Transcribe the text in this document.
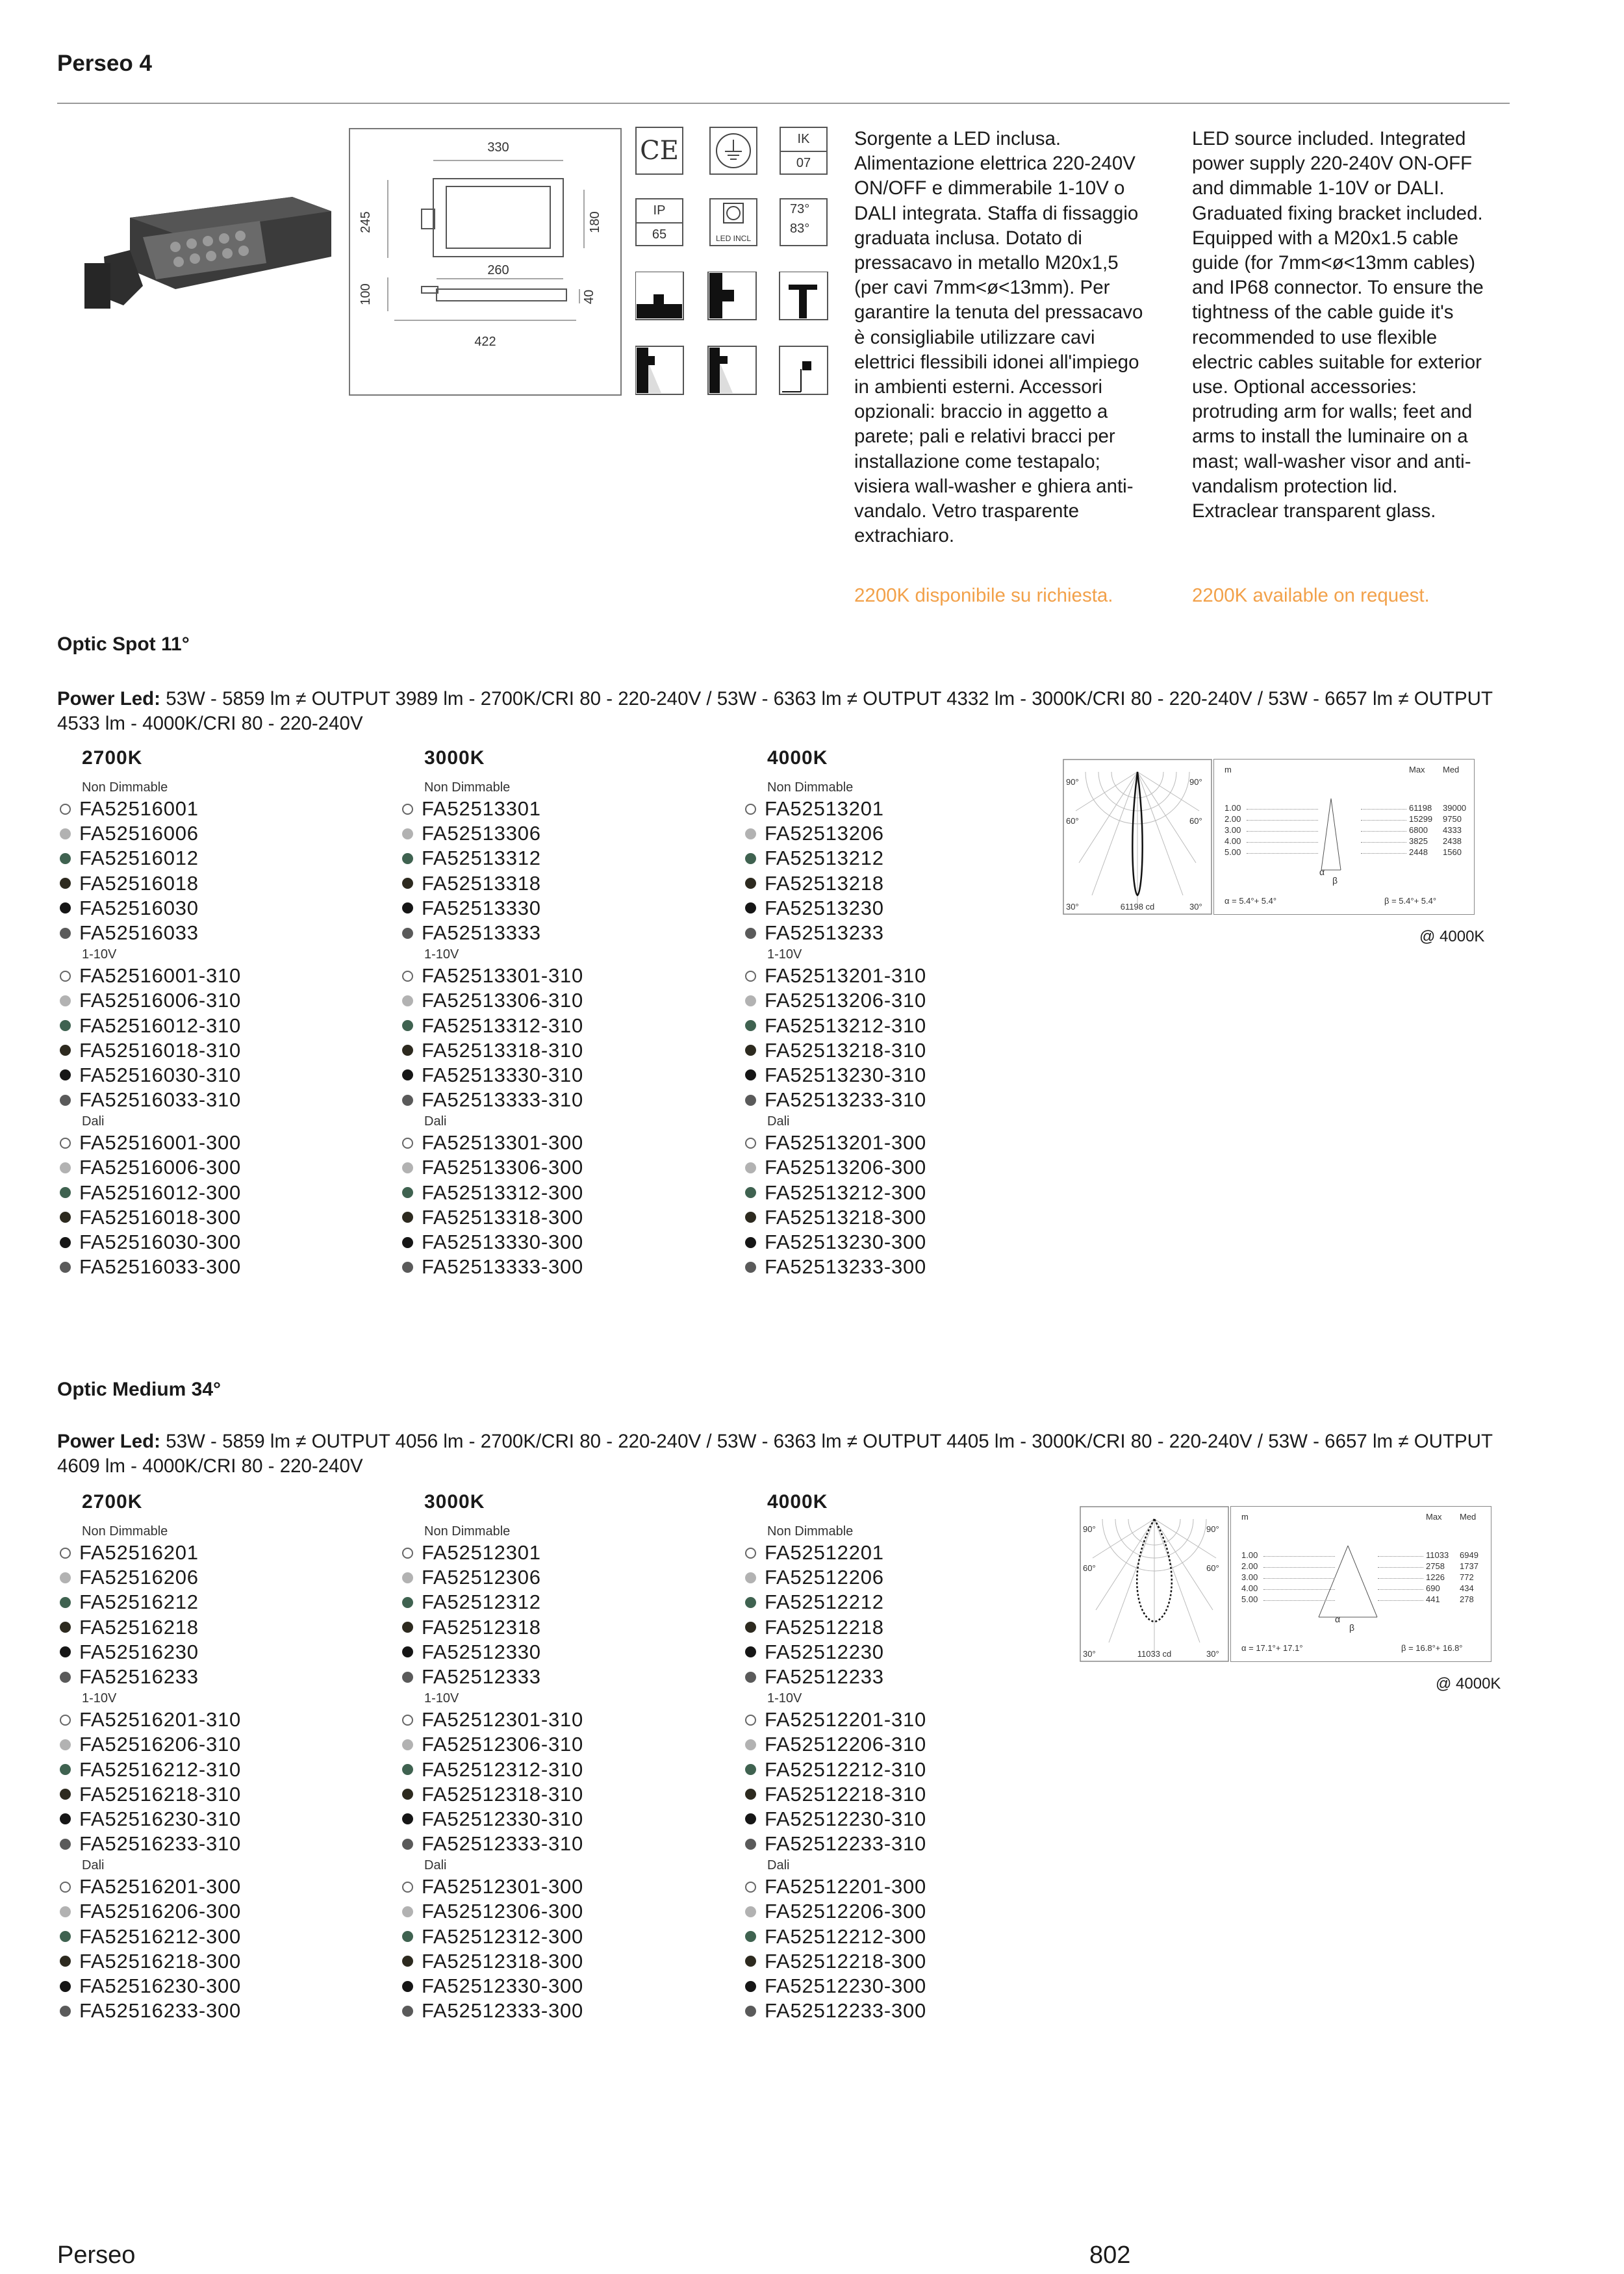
Perseo 4
330
245	180
260
100	40
422
CE	IK
07
IP
65	LED INCL
73°
83°
Sorgente a LED inclusa. Alimentazione elettrica 220-240V ON/OFF e dimmerabile 1-10V o DALI integrata. Staffa di fissaggio graduata inclusa. Dotato di pressacavo in metallo M20x1,5 (per cavi 7mm<ø<13mm). Per garantire la tenuta del pressacavo è consigliabile utilizzare cavi elettrici flessibili idonei all'impiego in ambienti esterni. Accessori opzionali: braccio in aggetto a parete; pali e relativi bracci per installazione come testapalo; visiera wall-washer e ghiera anti-vandalo. Vetro trasparente extrachiaro.
2200K disponibile su richiesta.
LED source included. Integrated power supply 220-240V ON-OFF and dimmable 1-10V or DALI. Graduated fixing bracket included. Equipped with a M20x1.5 cable guide (for 7mm<ø<13mm cables) and IP68 connector. To ensure the tightness of the cable guide it's recommended to use flexible electric cables suitable for exterior use. Optional accessories: protruding arm for walls; feet and arms to install the luminaire on a mast; wall-washer visor and anti-vandalism protection lid. Extraclear transparent glass.
2200K available on request.
Optic Spot 11°
Power Led: 53W - 5859 lm ≠ OUTPUT 3989 lm - 2700K/CRI 80 - 220-240V / 53W - 6363 lm ≠ OUTPUT 4332 lm - 3000K/CRI 80 - 220-240V / 53W - 6657 lm ≠ OUTPUT 4533 lm - 4000K/CRI 80 - 220-240V
2700K
Non Dimmable
FA52516001
FA52516006
FA52516012
FA52516018
FA52516030
FA52516033
1-10V
FA52516001-310
FA52516006-310
FA52516012-310
FA52516018-310
FA52516030-310
FA52516033-310
Dali
FA52516001-300
FA52516006-300
FA52516012-300
FA52516018-300
FA52516030-300
FA52516033-300
3000K
Non Dimmable
FA52513301
FA52513306
FA52513312
FA52513318
FA52513330
FA52513333
1-10V
FA52513301-310
FA52513306-310
FA52513312-310
FA52513318-310
FA52513330-310
FA52513333-310
Dali
FA52513301-300
FA52513306-300
FA52513312-300
FA52513318-300
FA52513330-300
FA52513333-300
4000K
Non Dimmable
FA52513201
FA52513206
FA52513212
FA52513218
FA52513230
FA52513233
1-10V
FA52513201-310
FA52513206-310
FA52513212-310
FA52513218-310
FA52513230-310
FA52513233-310
Dali
FA52513201-300
FA52513206-300
FA52513212-300
FA52513218-300
FA52513230-300
FA52513233-300
90°	90°
60°	60°
30°	30°
61198 cd
m	Max Med
1.00	61198 39000
2.00	15299 9750
3.00	6800 4333
4.00	3825 2438
5.00	2448 1560
α
β
α = 5.4°+ 5.4°	β = 5.4°+ 5.4°
@ 4000K
Optic Medium 34°
Power Led: 53W - 5859 lm ≠ OUTPUT 4056 lm - 2700K/CRI 80 - 220-240V / 53W - 6363 lm ≠ OUTPUT 4405 lm - 3000K/CRI 80 - 220-240V / 53W - 6657 lm ≠ OUTPUT 4609 lm - 4000K/CRI 80 - 220-240V
2700K
Non Dimmable
FA52516201
FA52516206
FA52516212
FA52516218
FA52516230
FA52516233
1-10V
FA52516201-310
FA52516206-310
FA52516212-310
FA52516218-310
FA52516230-310
FA52516233-310
Dali
FA52516201-300
FA52516206-300
FA52516212-300
FA52516218-300
FA52516230-300
FA52516233-300
3000K
Non Dimmable
FA52512301
FA52512306
FA52512312
FA52512318
FA52512330
FA52512333
1-10V
FA52512301-310
FA52512306-310
FA52512312-310
FA52512318-310
FA52512330-310
FA52512333-310
Dali
FA52512301-300
FA52512306-300
FA52512312-300
FA52512318-300
FA52512330-300
FA52512333-300
4000K
Non Dimmable
FA52512201
FA52512206
FA52512212
FA52512218
FA52512230
FA52512233
1-10V
FA52512201-310
FA52512206-310
FA52512212-310
FA52512218-310
FA52512230-310
FA52512233-310
Dali
FA52512201-300
FA52512206-300
FA52512212-300
FA52512218-300
FA52512230-300
FA52512233-300
90°	90°
60°	60°
30°	30°
11033 cd
m	Max Med
1.00	11033 6949
2.00	2758 1737
3.00	1226 772
4.00	690 434
5.00	441 278
α
β
α = 17.1°+ 17.1°	β = 16.8°+ 16.8°
@ 4000K
Perseo	802
